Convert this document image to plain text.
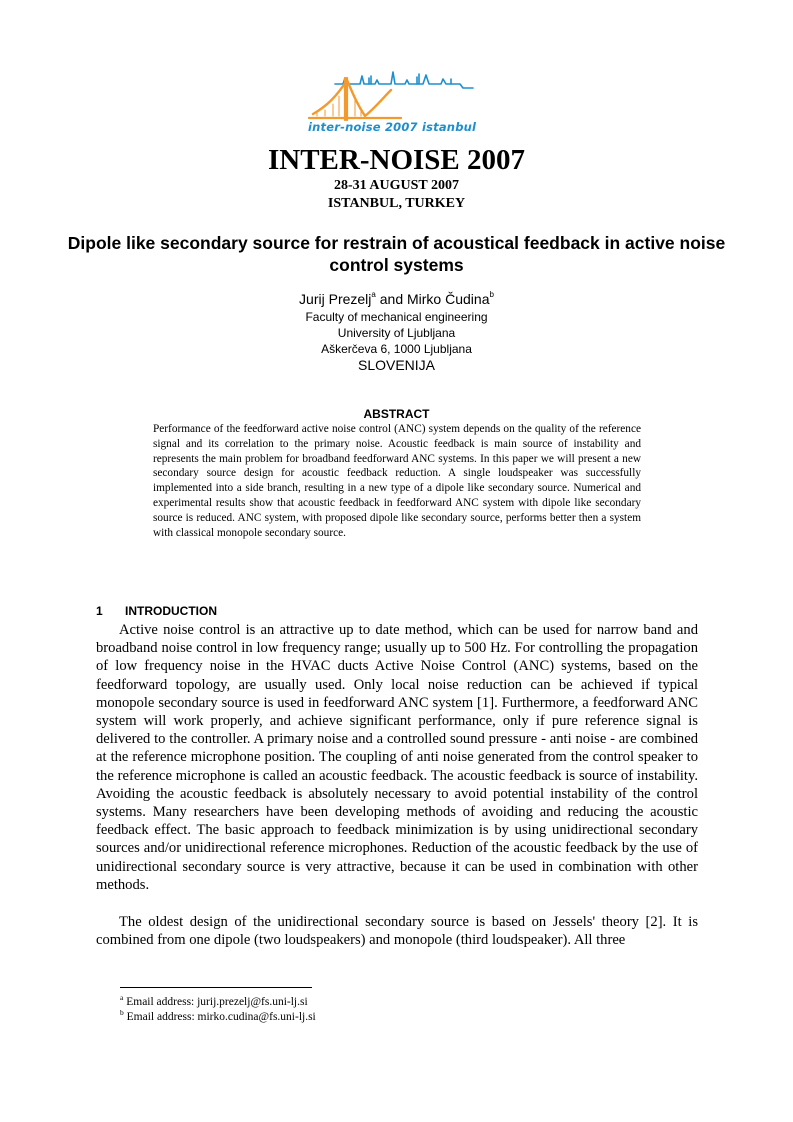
inter-noise 2007 istanbul
INTER-NOISE 2007
28-31 AUGUST 2007
ISTANBUL, TURKEY
Dipole like secondary source for restrain of acoustical feedback in active noise control systems
Jurij Prezelj$^a$ and Mirko Čudina$^b$
Faculty of mechanical engineering
University of Ljubljana
Aškerčeva 6, 1000 Ljubljana
SLOVENIJA
ABSTRACT
Performance of the feedforward active noise control (ANC) system depends on the quality of the reference signal and its correlation to the primary noise. Acoustic feedback is main source of instability and represents the main problem for broadband feedforward ANC systems. In this paper we will present a new secondary source design for acoustic feedback reduction. A single loudspeaker was successfully implemented into a side branch, resulting in a new type of a dipole like secondary source. Numerical and experimental results show that acoustic feedback in feedforward ANC system with dipole like secondary source is reduced. ANC system, with proposed dipole like secondary source, performs better then a system with classical monopole secondary source.
1 INTRODUCTION
Active noise control is an attractive up to date method, which can be used for narrow band and broadband noise control in low frequency range; usually up to 500 Hz. For controlling the propagation of low frequency noise in the HVAC ducts Active Noise Control (ANC) systems, based on the feedforward topology, are usually used. Only local noise reduction can be achieved if typical monopole secondary source is used in feedforward ANC system [1]. Furthermore, a feedforward ANC system will work properly, and achieve significant performance, only if pure reference signal is delivered to the controller. A primary noise and a controlled sound pressure - anti noise - are combined at the reference microphone position. The coupling of anti noise generated from the control speaker to the reference microphone is called an acoustic feedback. The acoustic feedback is source of instability. Avoiding the acoustic feedback is absolutely necessary to avoid potential instability of the control systems. Many researchers have been developing methods of avoiding and reducing the acoustic feedback effect. The basic approach to feedback minimization is by using unidirectional secondary sources and/or unidirectional reference microphones. Reduction of the acoustic feedback by the use of unidirectional secondary source is very attractive, because it can be used in combination with other methods.
The oldest design of the unidirectional secondary source is based on Jessels' theory [2]. It is combined from one dipole (two loudspeakers) and monopole (third loudspeaker). All three
$^a$ Email address: jurij.prezelj@fs.uni-lj.si
$^b$ Email address: mirko.cudina@fs.uni-lj.si
